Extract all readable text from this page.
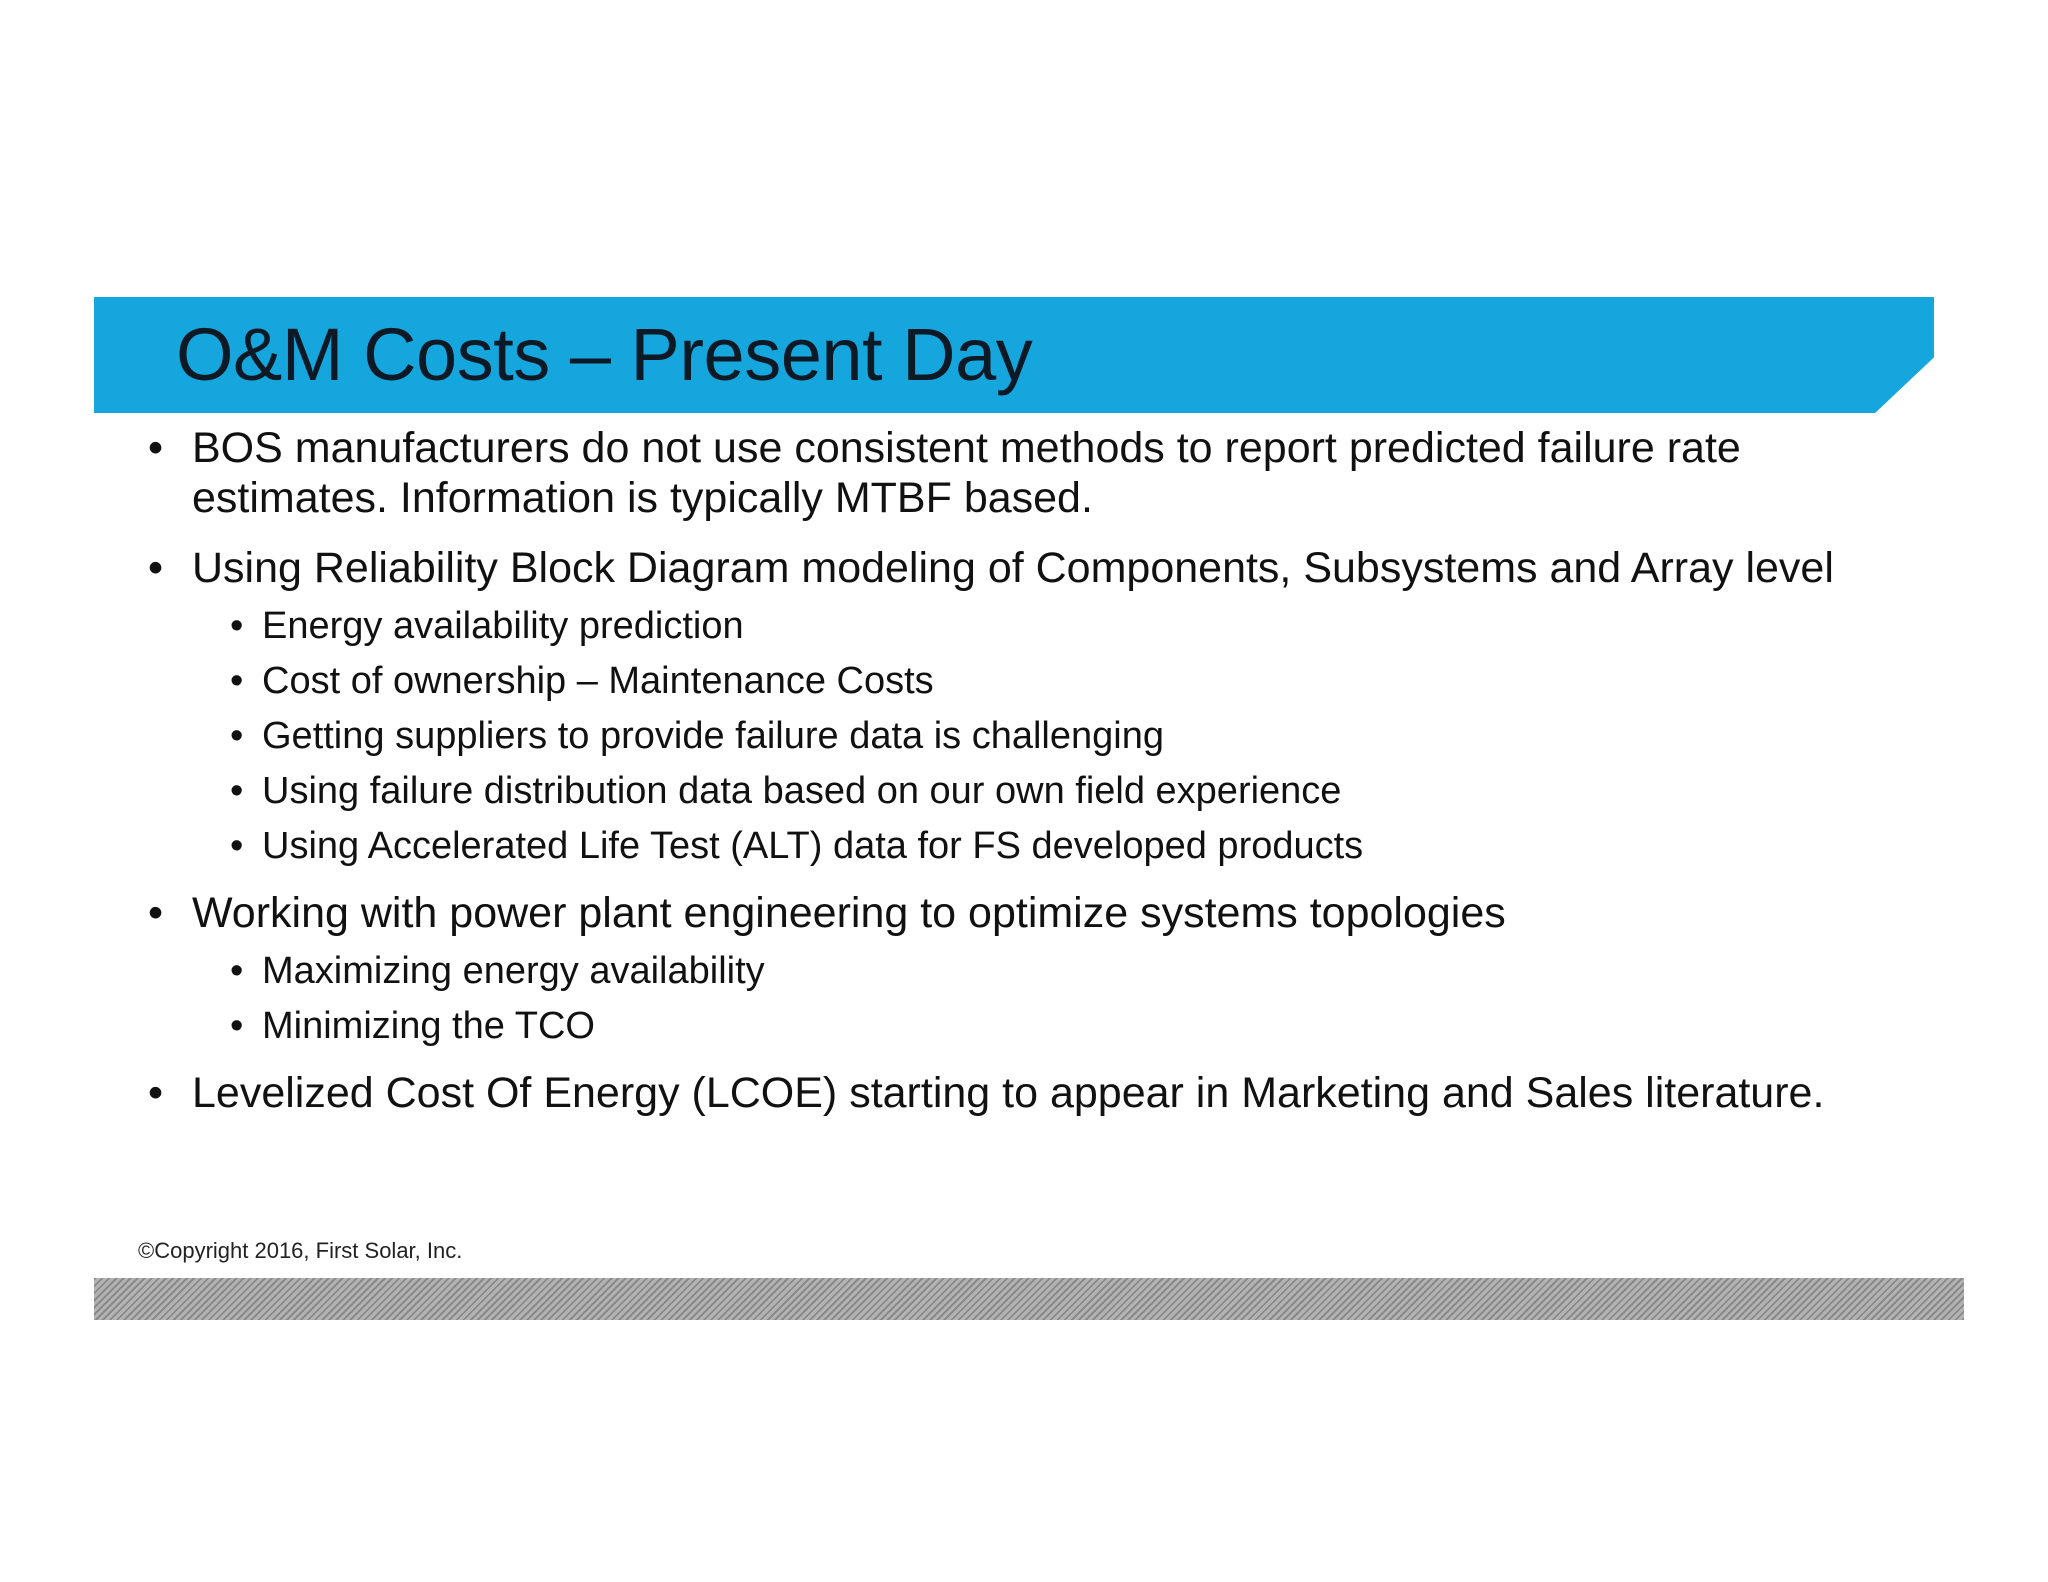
O&M Costs – Present Day
• BOS manufacturers do not use consistent methods to report predicted failure rate estimates. Information is typically MTBF based.
• Using Reliability Block Diagram modeling of Components, Subsystems and Array level
• Energy availability prediction
• Cost of ownership – Maintenance Costs
• Getting suppliers to provide failure data is challenging
• Using failure distribution data based on our own field experience
• Using Accelerated Life Test (ALT) data for FS developed products
• Working with power plant engineering to optimize systems topologies
• Maximizing energy availability
• Minimizing the TCO
• Levelized Cost Of Energy (LCOE) starting to appear in Marketing and Sales literature.
©Copyright 2016, First Solar, Inc.
